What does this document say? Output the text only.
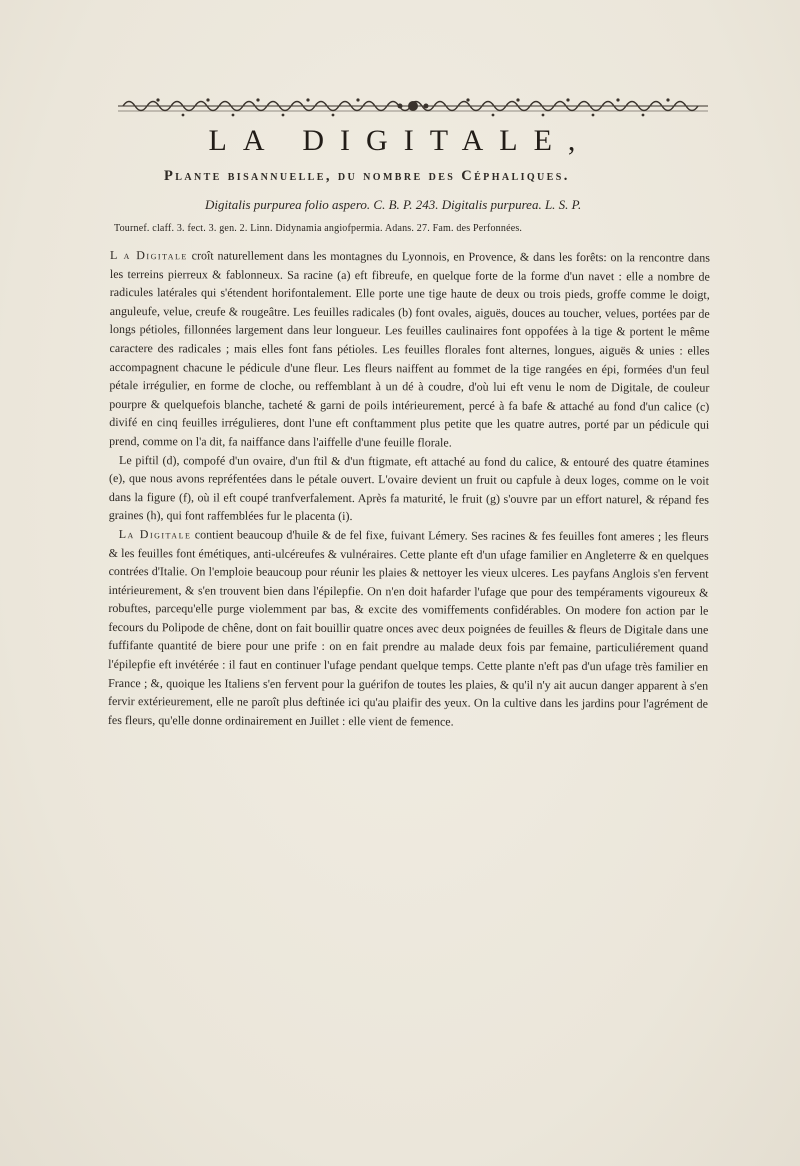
LA DIGITALE,
Plante bisannuelle, du nombre des Céphaliques.
Digitalis purpurea folio aspero. C. B. P. 243. Digitalis purpurea. L. S. P.
Tournef. claff. 3. fect. 3. gen. 2. Linn. Didynamia angiofpermia. Adans. 27. Fam. des Perfonnées.

L a Digitale croît naturellement dans les montagnes du Lyonnois, en Provence, & dans les forêts: on la rencontre dans les terreins pierreux & fablonneux. Sa racine (a) eft fibreufe, en quelque forte de la forme d'un navet : elle a nombre de radicules latérales qui s'étendent horifontalement. Elle porte une tige haute de deux ou trois pieds, groffe comme le doigt, anguleufe, velue, creufe & rougeâtre. Les feuilles radicales (b) font ovales, aiguës, douces au toucher, velues, portées par de longs pétioles, fillonnées largement dans leur longueur. Les feuilles caulinaires font oppofées à la tige & portent le même caractere des radicales ; mais elles font fans pétioles. Les feuilles florales font alternes, longues, aiguës & unies : elles accompagnent chacune le pédicule d'une fleur. Les fleurs naiffent au fommet de la tige rangées en épi, formées d'un feul pétale irrégulier, en forme de cloche, ou reffemblant à un dé à coudre, d'où lui eft venu le nom de Digitale, de couleur pourpre & quelquefois blanche, tacheté & garni de poils intérieurement, percé à fa bafe & attaché au fond d'un calice (c) divifé en cinq feuilles irrégulieres, dont l'une eft conftamment plus petite que les quatre autres, porté par un pédicule qui prend, comme on l'a dit, fa naiffance dans l'aiffelle d'une feuille florale.

Le piftil (d), compofé d'un ovaire, d'un ftil & d'un ftigmate, eft attaché au fond du calice, & entouré des quatre étamines (e), que nous avons repréfentées dans le pétale ouvert. L'ovaire devient un fruit ou capfule à deux loges, comme on le voit dans la figure (f), où il eft coupé tranfverfalement. Après fa maturité, le fruit (g) s'ouvre par un effort naturel, & répand fes graines (h), qui font raffemblées fur le placenta (i).

La Digitale contient beaucoup d'huile & de fel fixe, fuivant Lémery. Ses racines & fes feuilles font ameres ; les fleurs & les feuilles font émétiques, anti-ulcéreufes & vulnéraires. Cette plante eft d'un ufage familier en Angleterre & en quelques contrées d'Italie. On l'emploie beaucoup pour réunir les plaies & nettoyer les vieux ulceres. Les payfans Anglois s'en fervent intérieurement, & s'en trouvent bien dans l'épilepfie. On n'en doit hafarder l'ufage que pour des tempéraments vigoureux & robuftes, parcequ'elle purge violemment par bas, & excite des vomiffements confidérables. On modere fon action par le fecours du Polipode de chêne, dont on fait bouillir quatre onces avec deux poignées de feuilles & fleurs de Digitale dans une fuffifante quantité de biere pour une prife : on en fait prendre au malade deux fois par femaine, particuliérement quand l'épilepfie eft invétérée : il faut en continuer l'ufage pendant quelque temps. Cette plante n'eft pas d'un ufage très familier en France ; &, quoique les Italiens s'en fervent pour la guérifon de toutes les plaies, & qu'il n'y ait aucun danger apparent à s'en fervir extérieurement, elle ne paroît plus deftinée ici qu'au plaifir des yeux. On la cultive dans les jardins pour l'agrément de fes fleurs, qu'elle donne ordinairement en Juillet : elle vient de femence.
